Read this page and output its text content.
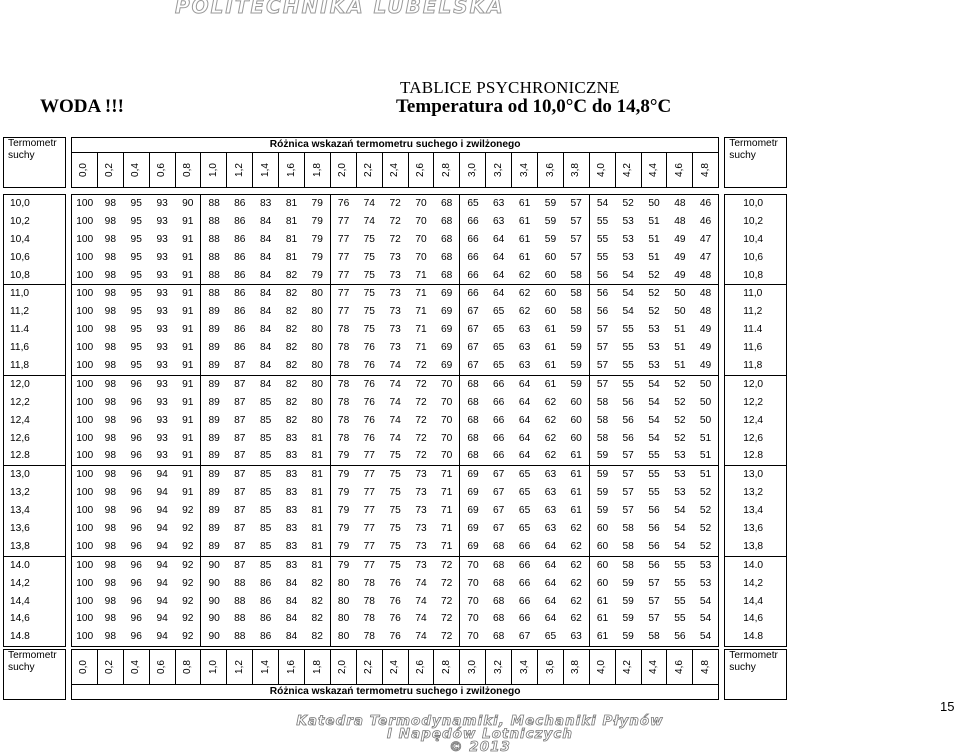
POLITECHNIKA LUBELSKA
TABLICE PSYCHRONICZNE
WODA !!!	Temperatura od 10,0°C do 14,8°C
Termometr suchy		Różnica wskazań termometru suchego i zwilżonego																										Termometr suchy
		0,0	0,2	0,4	0,6	0,8	1,0	1,2	1,4	1,6	1,8	2,0	2,2	2,4	2,6	2,8	3,0	3,2	3,4	3,6	3,8	4,0	4,2	4,4	4,6	4,8		

10,0		100	98	95	93	90	88	86	83	81	79	76	74	72	70	68	65	63	61	59	57	54	52	50	48	46		10,0
10,2		100	98	95	93	91	88	86	84	81	79	77	74	72	70	68	66	63	61	59	57	55	53	51	48	46		10,2
10,4		100	98	95	93	91	88	86	84	81	79	77	75	72	70	68	66	64	61	59	57	55	53	51	49	47		10,4
10,6		100	98	95	93	91	88	86	84	81	79	77	75	73	70	68	66	64	61	60	57	55	53	51	49	47		10,6
10,8		100	98	95	93	91	88	86	84	82	79	77	75	73	71	68	66	64	62	60	58	56	54	52	49	48		10,8
11,0		100	98	95	93	91	88	86	84	82	80	77	75	73	71	69	66	64	62	60	58	56	54	52	50	48		11,0
11,2		100	98	95	93	91	89	86	84	82	80	77	75	73	71	69	67	65	62	60	58	56	54	52	50	48		11,2
11.4		100	98	95	93	91	89	86	84	82	80	78	75	73	71	69	67	65	63	61	59	57	55	53	51	49		11.4
11,6		100	98	95	93	91	89	86	84	82	80	78	76	73	71	69	67	65	63	61	59	57	55	53	51	49		11,6
11,8		100	98	95	93	91	89	87	84	82	80	78	76	74	72	69	67	65	63	61	59	57	55	53	51	49		11,8
12,0		100	98	96	93	91	89	87	84	82	80	78	76	74	72	70	68	66	64	61	59	57	55	54	52	50		12,0
12,2		100	98	96	93	91	89	87	85	82	80	78	76	74	72	70	68	66	64	62	60	58	56	54	52	50		12,2
12,4		100	98	96	93	91	89	87	85	82	80	78	76	74	72	70	68	66	64	62	60	58	56	54	52	50		12,4
12,6		100	98	96	93	91	89	87	85	83	81	78	76	74	72	70	68	66	64	62	60	58	56	54	52	51		12,6
12.8		100	98	96	93	91	89	87	85	83	81	79	77	75	72	70	68	66	64	62	61	59	57	55	53	51		12.8
13,0		100	98	96	94	91	89	87	85	83	81	79	77	75	73	71	69	67	65	63	61	59	57	55	53	51		13,0
13,2		100	98	96	94	91	89	87	85	83	81	79	77	75	73	71	69	67	65	63	61	59	57	55	53	52		13,2
13,4		100	98	96	94	92	89	87	85	83	81	79	77	75	73	71	69	67	65	63	61	59	57	56	54	52		13,4
13,6		100	98	96	94	92	89	87	85	83	81	79	77	75	73	71	69	67	65	63	62	60	58	56	54	52		13,6
13,8		100	98	96	94	92	89	87	85	83	81	79	77	75	73	71	69	68	66	64	62	60	58	56	54	52		13,8
14.0		100	98	96	94	92	90	87	85	83	81	79	77	75	73	72	70	68	66	64	62	60	58	56	55	53		14.0
14,2		100	98	96	94	92	90	88	86	84	82	80	78	76	74	72	70	68	66	64	62	60	59	57	55	53		14,2
14,4		100	98	96	94	92	90	88	86	84	82	80	78	76	74	72	70	68	66	64	62	61	59	57	55	54		14,4
14,6		100	98	96	94	92	90	88	86	84	82	80	78	76	74	72	70	68	66	64	62	61	59	57	55	54		14,6
14.8		100	98	96	94	92	90	88	86	84	82	80	78	76	74	72	70	68	67	65	63	61	59	58	56	54		14.8

Termometr suchy		0,0	0,2	0,4	0,6	0,8	1,0	1,2	1,4	1,6	1,8	2,0	2,2	2,4	2,6	2,8	3,0	3,2	3,4	3,6	3,8	4,0	4,2	4,4	4,6	4,8		Termometr suchy
		Różnica wskazań termometru suchego i zwilżonego																										
Katedra Termodynamiki, Mechaniki Płynów
I Napędów Lotniczych
© 2013
15
